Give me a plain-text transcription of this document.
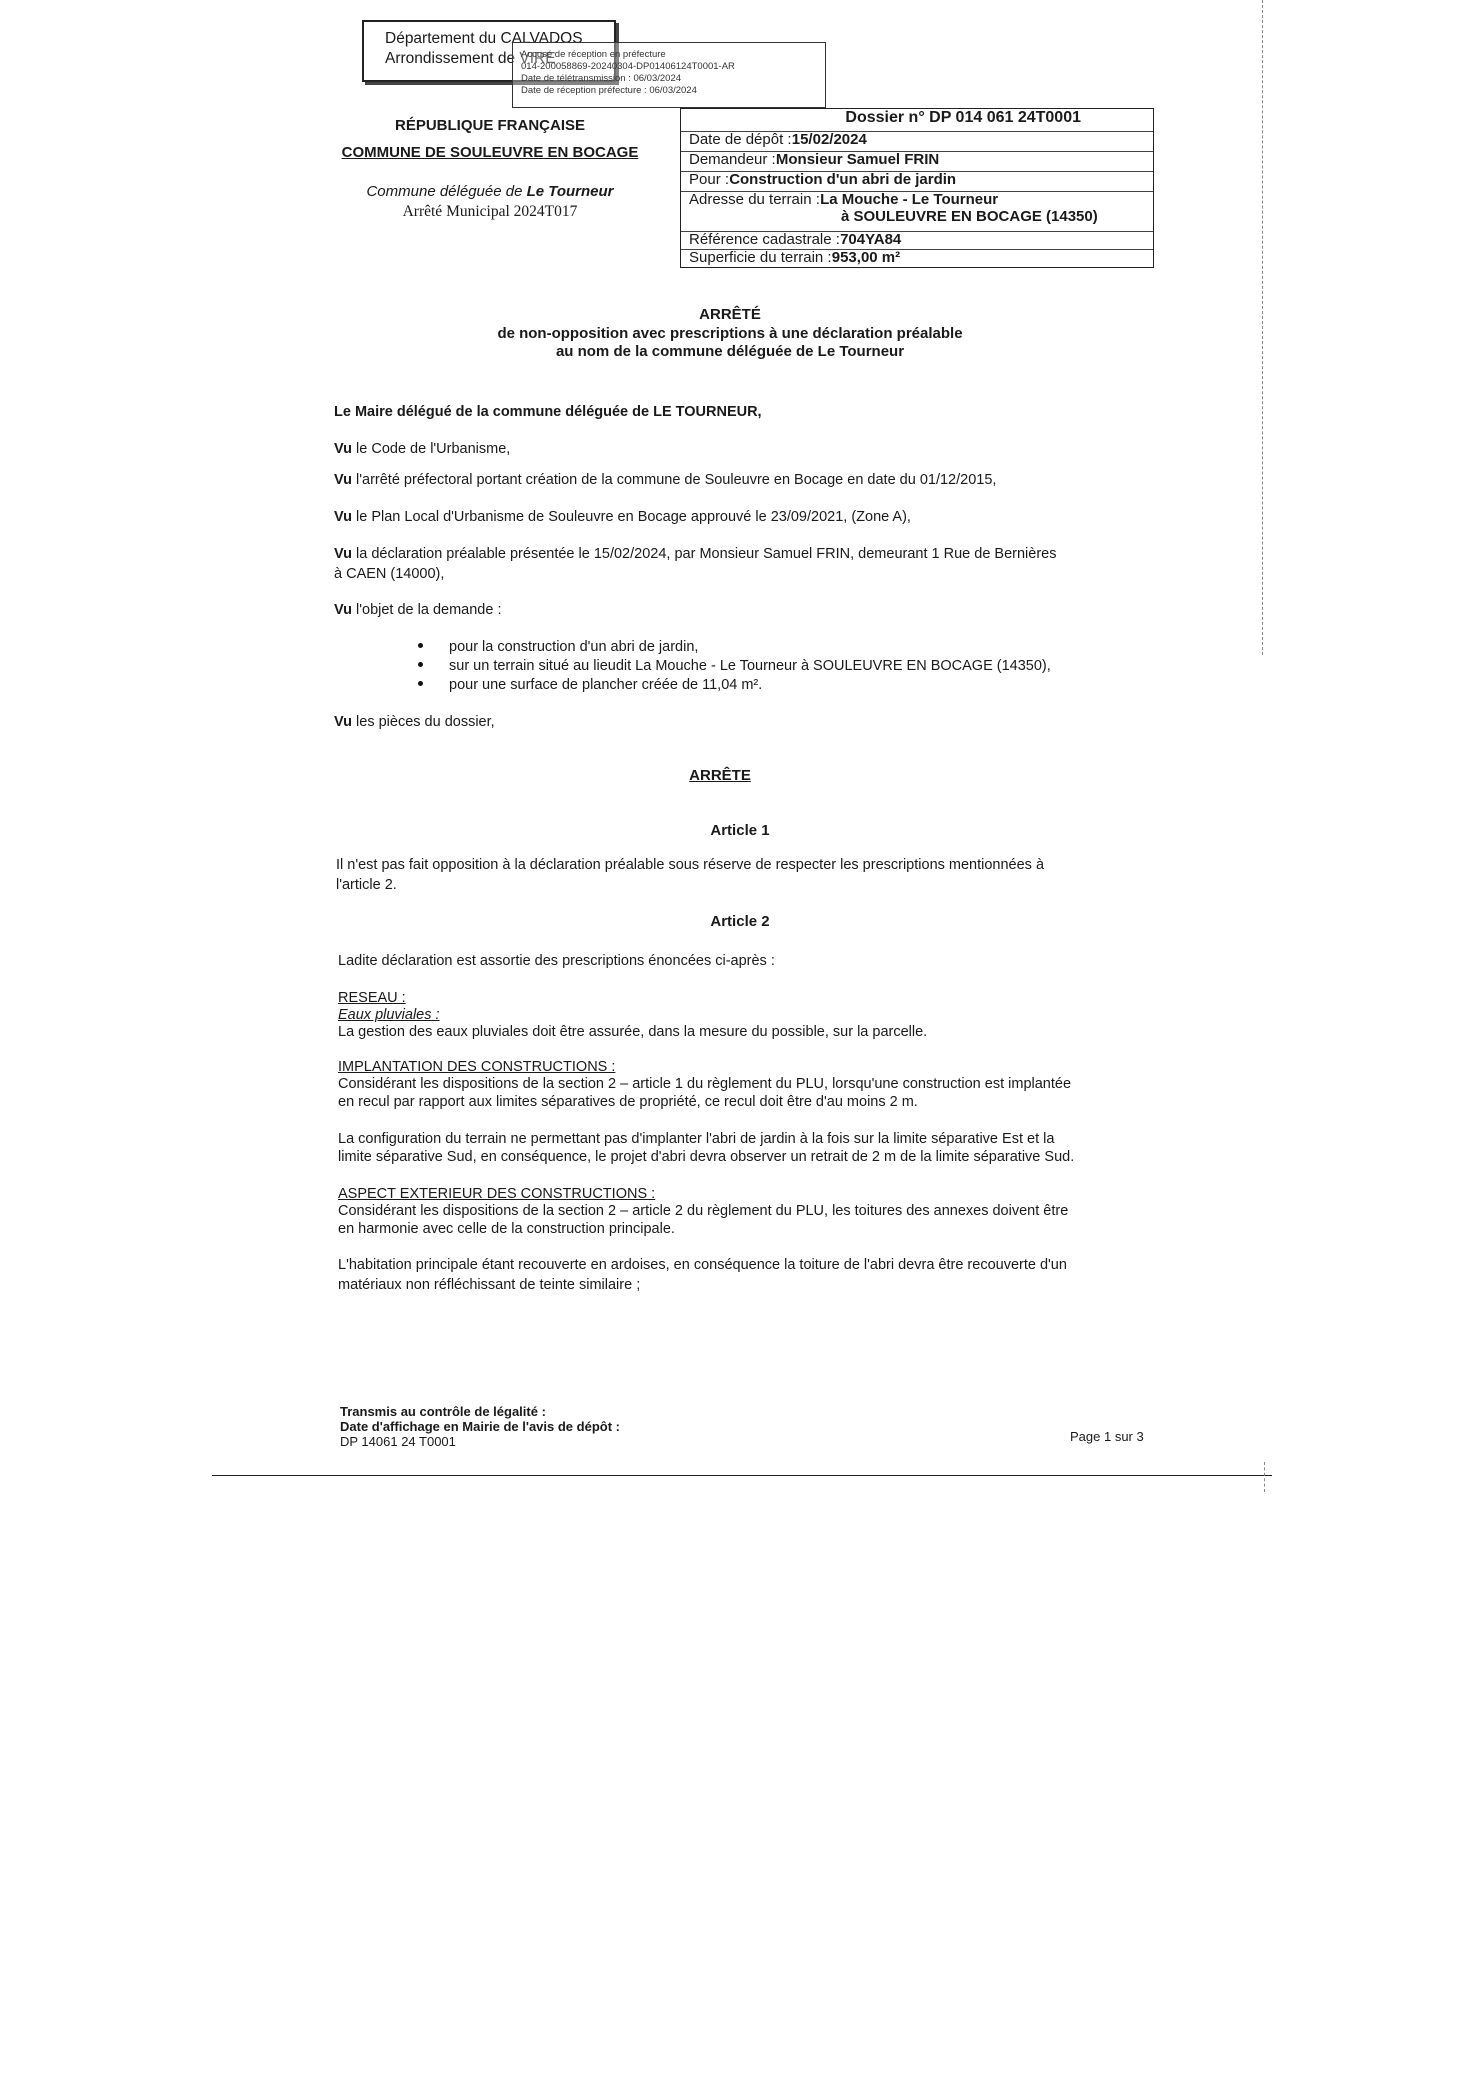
Département du CALVADOS
Arrondissement de VIRE
Accusé de réception en préfecture
014-200058869-20240304-DP01406124T0001-AR
Date de télétransmission : 06/03/2024
Date de réception préfecture : 06/03/2024
RÉPUBLIQUE FRANÇAISE
COMMUNE DE SOULEUVRE EN BOCAGE
Commune déléguée de Le Tourneur
Arrêté Municipal 2024T017
Dossier n° DP 014 061 24T0001
Date de dépôt : 15/02/2024
Demandeur : Monsieur Samuel FRIN
Pour : Construction d'un abri de jardin
Adresse du terrain : La Mouche - Le Tourneur
à SOULEUVRE EN BOCAGE (14350)
Référence cadastrale : 704YA84
Superficie du terrain : 953,00 m²
ARRÊTÉ
de non-opposition avec prescriptions à une déclaration préalable
au nom de la commune déléguée de Le Tourneur
Le Maire délégué de la commune déléguée de LE TOURNEUR,
Vu le Code de l'Urbanisme,
Vu l'arrêté préfectoral portant création de la commune de Souleuvre en Bocage en date du 01/12/2015,
Vu le Plan Local d'Urbanisme de Souleuvre en Bocage approuvé le 23/09/2021, (Zone A),
Vu la déclaration préalable présentée le 15/02/2024, par Monsieur Samuel FRIN, demeurant 1 Rue de Bernières
à CAEN (14000),
Vu l'objet de la demande :
pour la construction d'un abri de jardin,
sur un terrain situé au lieudit La Mouche - Le Tourneur à SOULEUVRE EN BOCAGE (14350),
pour une surface de plancher créée de 11,04 m².
Vu les pièces du dossier,
ARRÊTE
Article 1
Il n'est pas fait opposition à la déclaration préalable sous réserve de respecter les prescriptions mentionnées à
l'article 2.
Article 2
Ladite déclaration est assortie des prescriptions énoncées ci-après :
RESEAU :
Eaux pluviales :
La gestion des eaux pluviales doit être assurée, dans la mesure du possible, sur la parcelle.
IMPLANTATION DES CONSTRUCTIONS :
Considérant les dispositions de la section 2 – article 1 du règlement du PLU, lorsqu'une construction est implantée
en recul par rapport aux limites séparatives de propriété, ce recul doit être d'au moins 2 m.
La configuration du terrain ne permettant pas d'implanter l'abri de jardin à la fois sur la limite séparative Est et la
limite séparative Sud, en conséquence, le projet d'abri devra observer un retrait de 2 m de la limite séparative Sud.
ASPECT EXTERIEUR DES CONSTRUCTIONS :
Considérant les dispositions de la section 2 – article 2 du règlement du PLU, les toitures des annexes doivent être
en harmonie avec celle de la construction principale.
L'habitation principale étant recouverte en ardoises, en conséquence la toiture de l'abri devra être recouverte d'un
matériaux non réfléchissant de teinte similaire ;
Transmis au contrôle de légalité :
Date d'affichage en Mairie de l'avis de dépôt :
DP 14061 24 T0001	Page 1 sur 3
